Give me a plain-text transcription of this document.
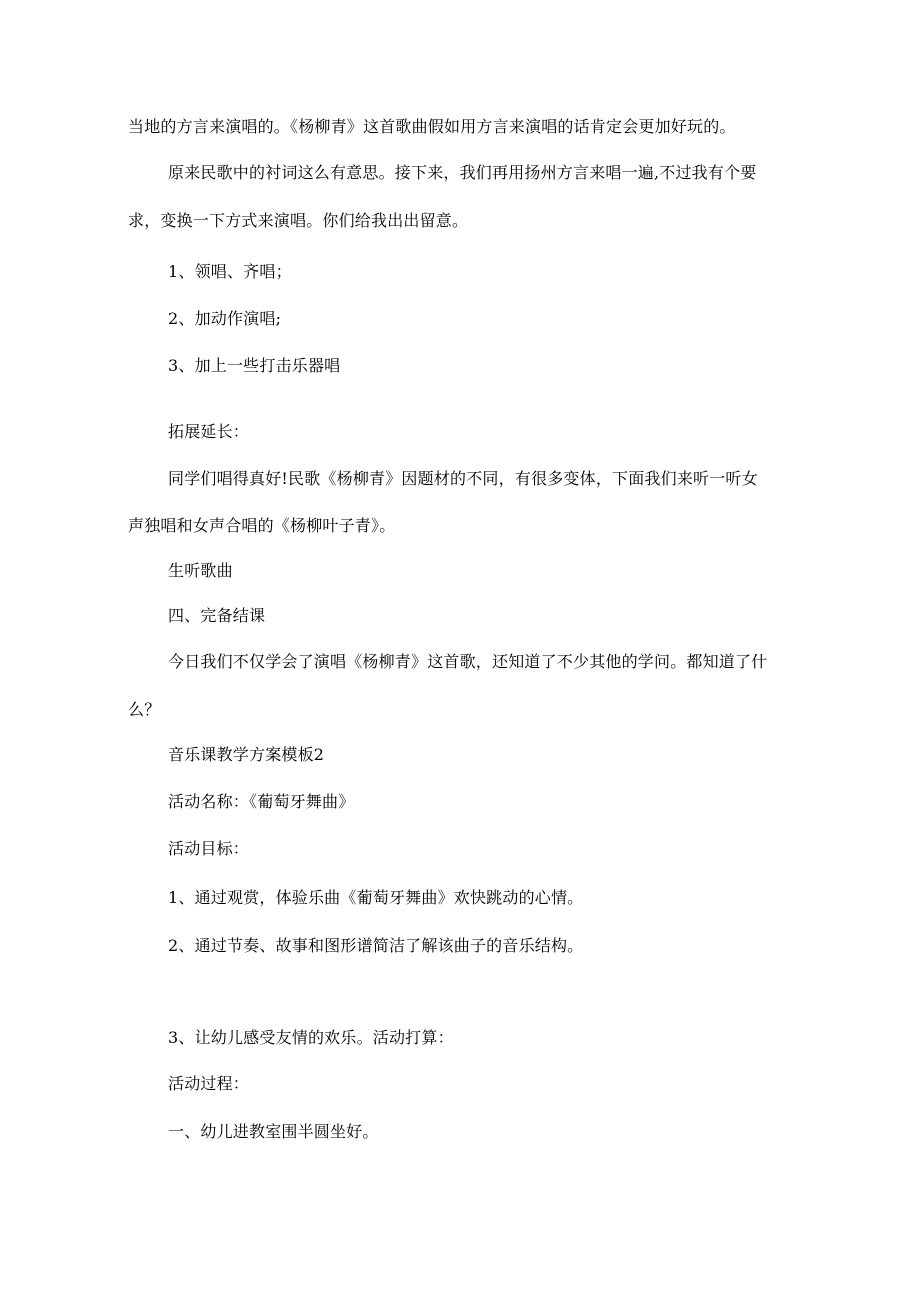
当地的方言来演唱的。《杨柳青》这首歌曲假如用方言来演唱的话肯定会更加好玩的。
原来民歌中的衬词这么有意思。接下来，我们再用扬州方言来唱一遍,不过我有个要
求，变换一下方式来演唱。你们给我出出留意。
1、领唱、齐唱；
2、加动作演唱;
3、加上一些打击乐器唱
拓展延长：
同学们唱得真好!民歌《杨柳青》因题材的不同，有很多变体，下面我们来听一听女
声独唱和女声合唱的《杨柳叶子青》。
生听歌曲
四、完备结课
今日我们不仅学会了演唱《杨柳青》这首歌，还知道了不少其他的学问。都知道了什
么？
音乐课教学方案模板2
活动名称：《葡萄牙舞曲》
活动目标：
1、通过观赏，体验乐曲《葡萄牙舞曲》欢快跳动的心情。
2、通过节奏、故事和图形谱简洁了解该曲子的音乐结构。
3、让幼儿感受友情的欢乐。活动打算：
活动过程：
一、幼儿进教室围半圆坐好。
